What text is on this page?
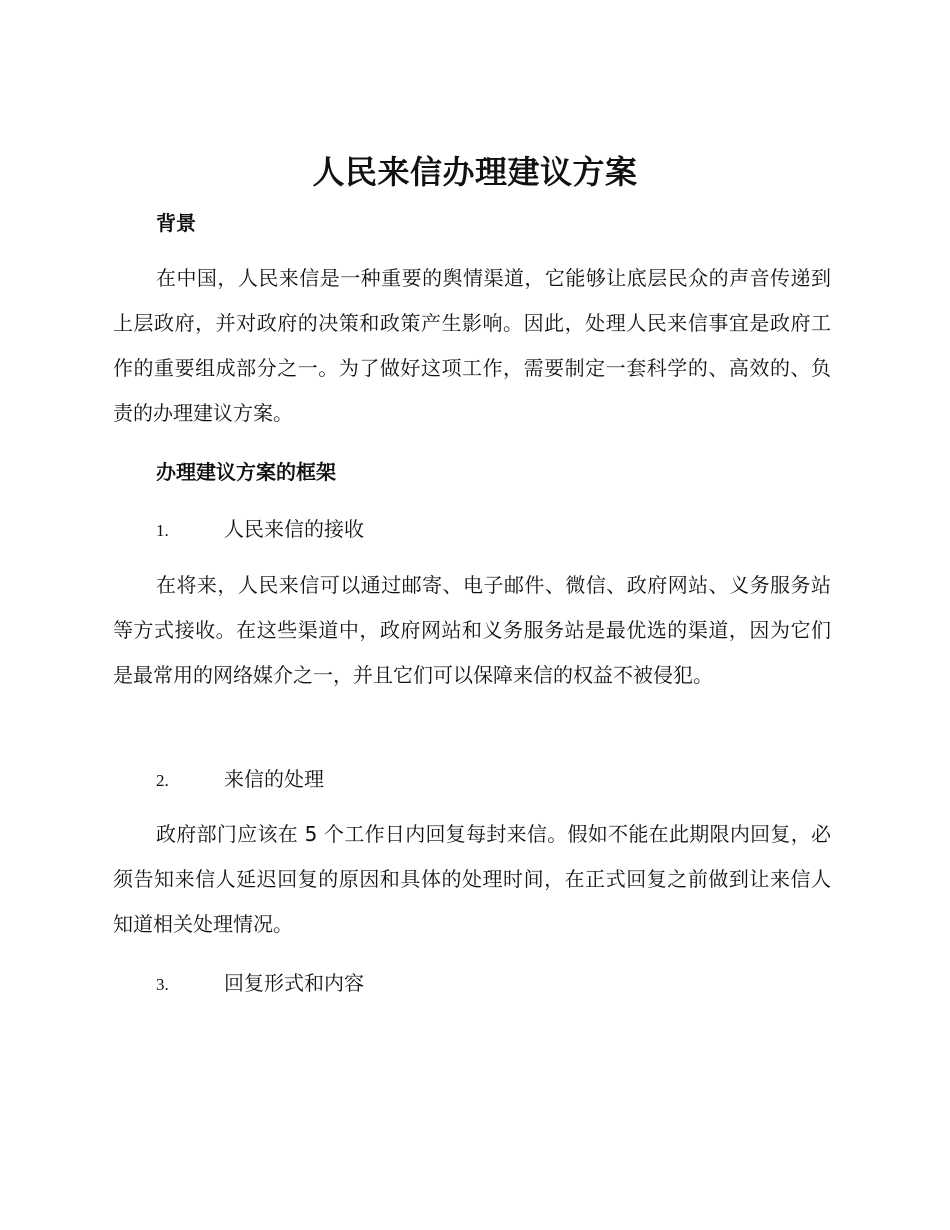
人民来信办理建议方案
背景

在中国，人民来信是一种重要的舆情渠道，它能够让底层民众的声音传递到上层政府，并对政府的决策和政策产生影响。因此，处理人民来信事宜是政府工作的重要组成部分之一。为了做好这项工作，需要制定一套科学的、高效的、负责的办理建议方案。

办理建议方案的框架
1.	人民来信的接收

在将来，人民来信可以通过邮寄、电子邮件、微信、政府网站、义务服务站等方式接收。在这些渠道中，政府网站和义务服务站是最优选的渠道，因为它们是最常用的网络媒介之一，并且它们可以保障来信的权益不被侵犯。

2.	来信的处理

政府部门应该在 5 个工作日内回复每封来信。假如不能在此期限内回复，必须告知来信人延迟回复的原因和具体的处理时间，在正式回复之前做到让来信人知道相关处理情况。

3.	回复形式和内容
